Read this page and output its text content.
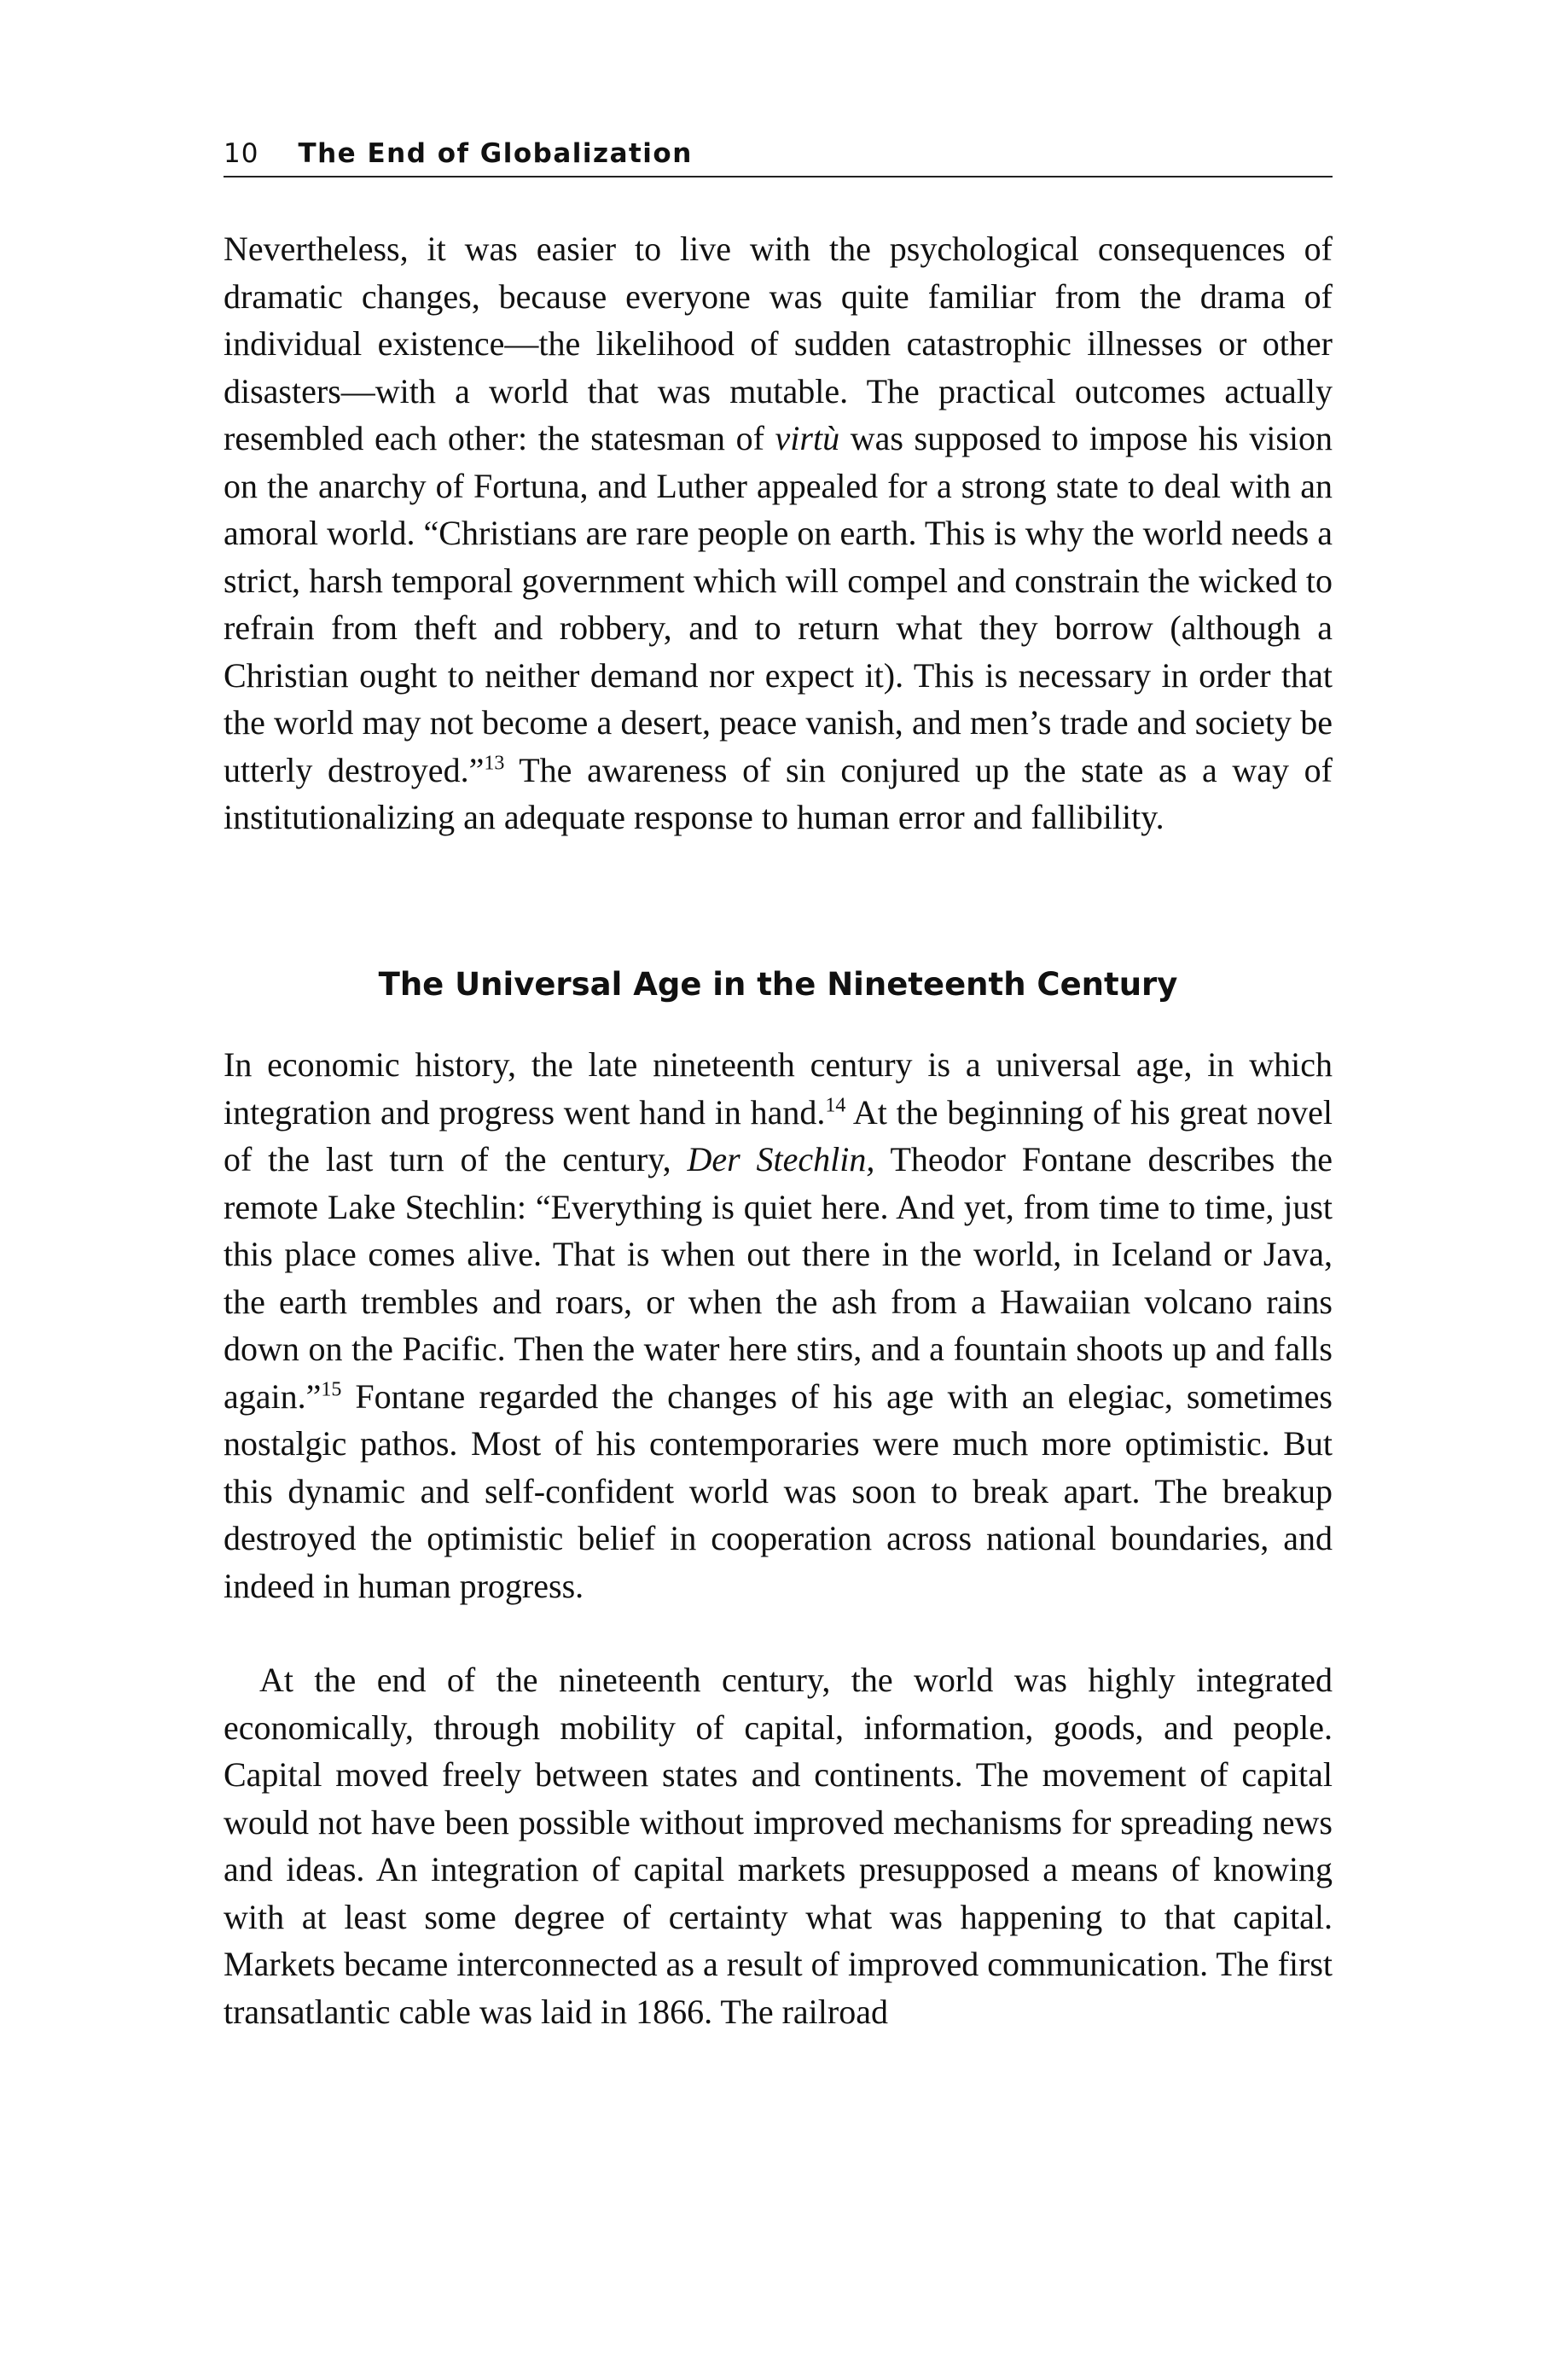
10 The End of Globalization

Nevertheless, it was easier to live with the psychological consequences of dramatic changes, because everyone was quite familiar from the drama of individual existence—the likelihood of sudden catastrophic illnesses or other disasters—with a world that was mutable. The practical outcomes actually resembled each other: the statesman of virtù was supposed to impose his vision on the anarchy of Fortuna, and Luther appealed for a strong state to deal with an amoral world. “Christians are rare people on earth. This is why the world needs a strict, harsh temporal government which will compel and constrain the wicked to refrain from theft and robbery, and to return what they borrow (although a Christian ought to neither demand nor expect it). This is necessary in order that the world may not become a desert, peace vanish, and men’s trade and society be utterly destroyed.”$^{13}$ The awareness of sin conjured up the state as a way of institutionalizing an adequate response to human error and fallibility.

The Universal Age in the Nineteenth Century

In economic history, the late nineteenth century is a universal age, in which integration and progress went hand in hand.$^{14}$ At the beginning of his great novel of the last turn of the century, Der Stechlin, Theodor Fontane describes the remote Lake Stechlin: “Everything is quiet here. And yet, from time to time, just this place comes alive. That is when out there in the world, in Iceland or Java, the earth trembles and roars, or when the ash from a Hawaiian volcano rains down on the Pacific. Then the water here stirs, and a fountain shoots up and falls again.”$^{15}$ Fontane regarded the changes of his age with an elegiac, sometimes nostalgic pathos. Most of his contemporaries were much more optimistic. But this dynamic and self-confident world was soon to break apart. The breakup destroyed the optimistic belief in cooperation across national boundaries, and indeed in human progress.

At the end of the nineteenth century, the world was highly integrated economically, through mobility of capital, information, goods, and people. Capital moved freely between states and continents. The movement of capital would not have been possible without improved mechanisms for spreading news and ideas. An integration of capital markets presupposed a means of knowing with at least some degree of certainty what was happening to that capital. Markets became interconnected as a result of improved communication. The first transatlantic cable was laid in 1866. The railroad
